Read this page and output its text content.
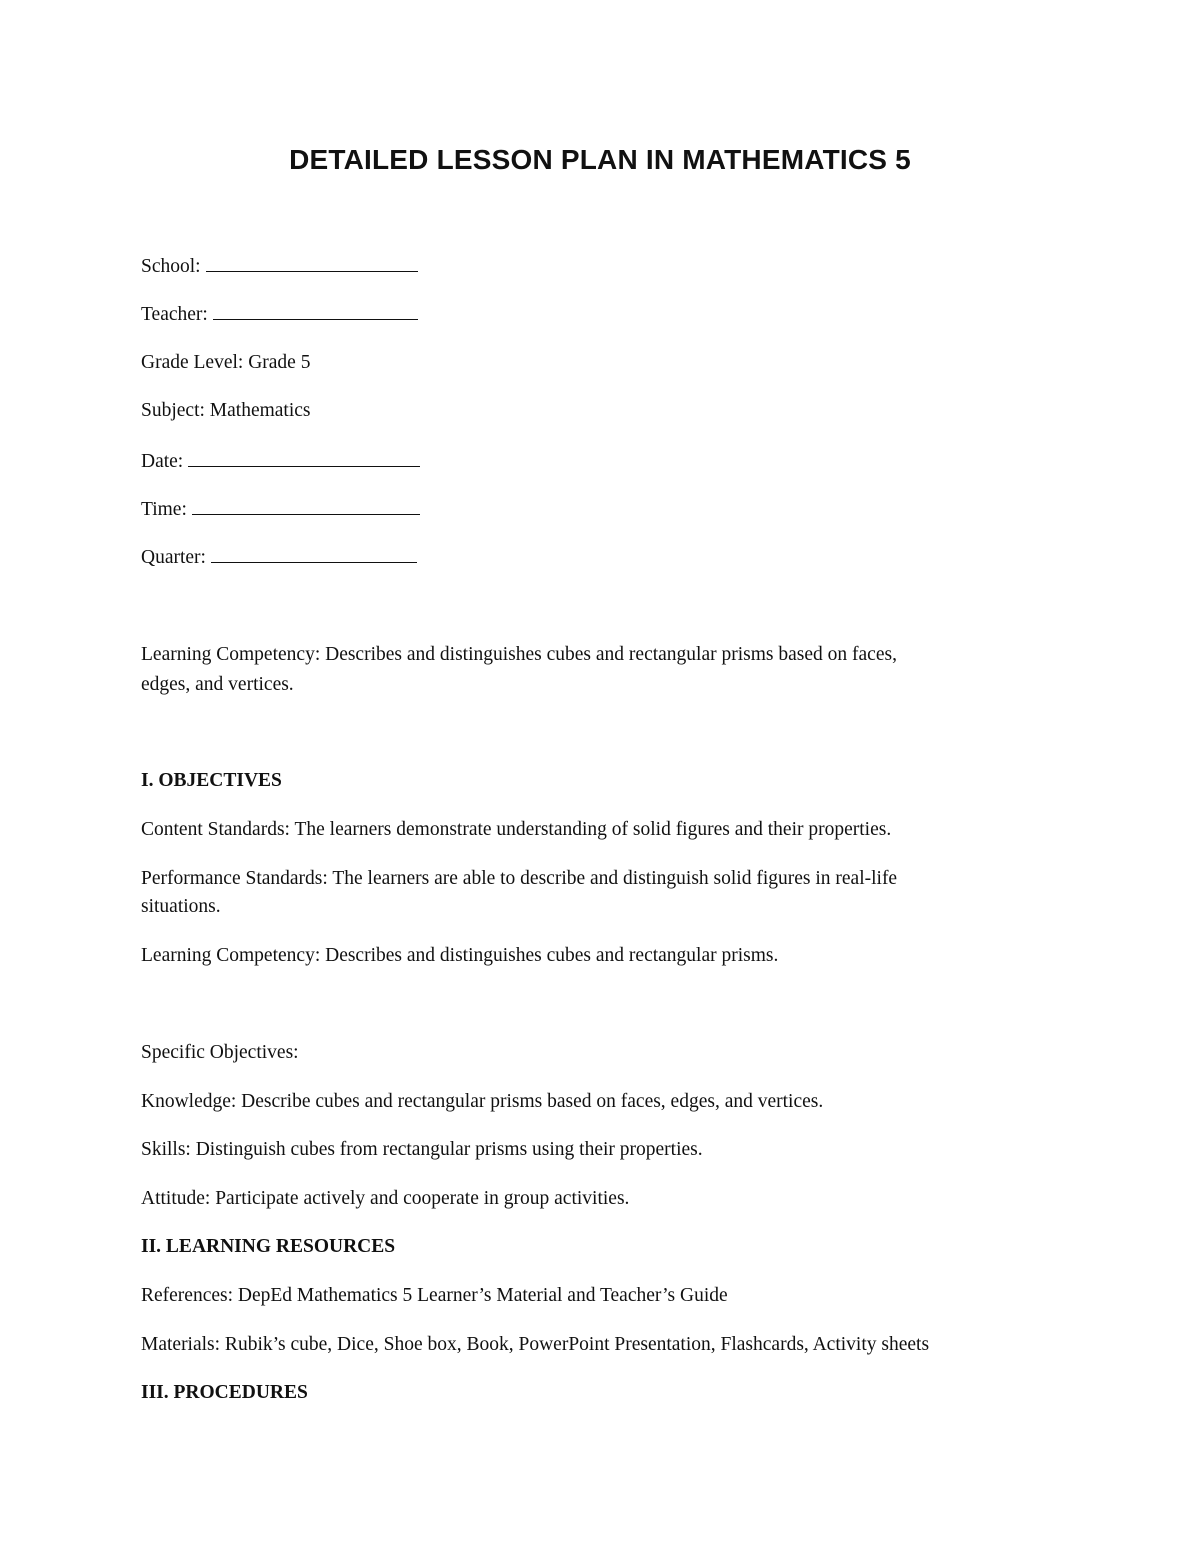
DETAILED LESSON PLAN IN MATHEMATICS 5
School:
Teacher:
Grade Level: Grade 5
Subject: Mathematics
Date:
Time:
Quarter:
Learning Competency: Describes and distinguishes cubes and rectangular prisms based on faces,
edges, and vertices.
I. OBJECTIVES
Content Standards: The learners demonstrate understanding of solid figures and their properties.
Performance Standards: The learners are able to describe and distinguish solid figures in real-life
situations.
Learning Competency: Describes and distinguishes cubes and rectangular prisms.
Specific Objectives:
Knowledge: Describe cubes and rectangular prisms based on faces, edges, and vertices.
Skills: Distinguish cubes from rectangular prisms using their properties.
Attitude: Participate actively and cooperate in group activities.
II. LEARNING RESOURCES
References: DepEd Mathematics 5 Learner’s Material and Teacher’s Guide
Materials: Rubik’s cube, Dice, Shoe box, Book, PowerPoint Presentation, Flashcards, Activity sheets
III. PROCEDURES
